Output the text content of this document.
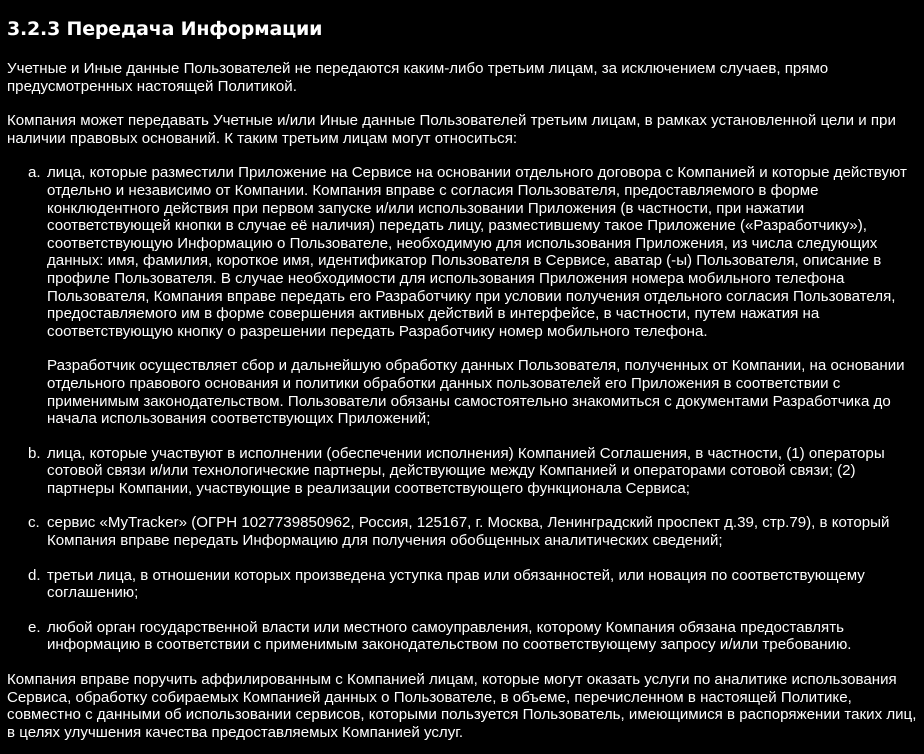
3.2.3 Передача Информации

Учетные и Иные данные Пользователей не передаются каким-либо третьим лицам, за исключением случаев, прямо предусмотренных настоящей Политикой.

Компания может передавать Учетные и/или Иные данные Пользователей третьим лицам, в рамках установленной цели и при наличии правовых оснований. К таким третьим лицам могут относиться:

a. лица, которые разместили Приложение на Сервисе на основании отдельного договора с Компанией и которые действуют отдельно и независимо от Компании. Компания вправе с согласия Пользователя, предоставляемого в форме конклюдентного действия при первом запуске и/или использовании Приложения (в частности, при нажатии соответствующей кнопки в случае её наличия) передать лицу, разместившему такое Приложение («Разработчику»), соответствующую Информацию о Пользователе, необходимую для использования Приложения, из числа следующих данных: имя, фамилия, короткое имя, идентификатор Пользователя в Сервисе, аватар (-ы) Пользователя, описание в профиле Пользователя. В случае необходимости для использования Приложения номера мобильного телефона Пользователя, Компания вправе передать его Разработчику при условии получения отдельного согласия Пользователя, предоставляемого им в форме совершения активных действий в интерфейсе, в частности, путем нажатия на соответствующую кнопку о разрешении передать Разработчику номер мобильного телефона.

Разработчик осуществляет сбор и дальнейшую обработку данных Пользователя, полученных от Компании, на основании отдельного правового основания и политики обработки данных пользователей его Приложения в соответствии с применимым законодательством. Пользователи обязаны самостоятельно знакомиться с документами Разработчика до начала использования соответствующих Приложений;

b. лица, которые участвуют в исполнении (обеспечении исполнения) Компанией Соглашения, в частности, (1) операторы сотовой связи и/или технологические партнеры, действующие между Компанией и операторами сотовой связи; (2) партнеры Компании, участвующие в реализации соответствующего функционала Сервиса;

c. сервис «MyTracker» (ОГРН 1027739850962, Россия, 125167, г. Москва, Ленинградский проспект д.39, стр.79), в который Компания вправе передать Информацию для получения обобщенных аналитических сведений;

d. третьи лица, в отношении которых произведена уступка прав или обязанностей, или новация по соответствующему соглашению;

e. любой орган государственной власти или местного самоуправления, которому Компания обязана предоставлять информацию в соответствии с применимым законодательством по соответствующему запросу и/или требованию.

Компания вправе поручить аффилированным с Компанией лицам, которые могут оказать услуги по аналитике использования Сервиса, обработку собираемых Компанией данных о Пользователе, в объеме, перечисленном в настоящей Политике, совместно с данными об использовании сервисов, которыми пользуется Пользователь, имеющимися в распоряжении таких лиц, в целях улучшения качества предоставляемых Компанией услуг.
